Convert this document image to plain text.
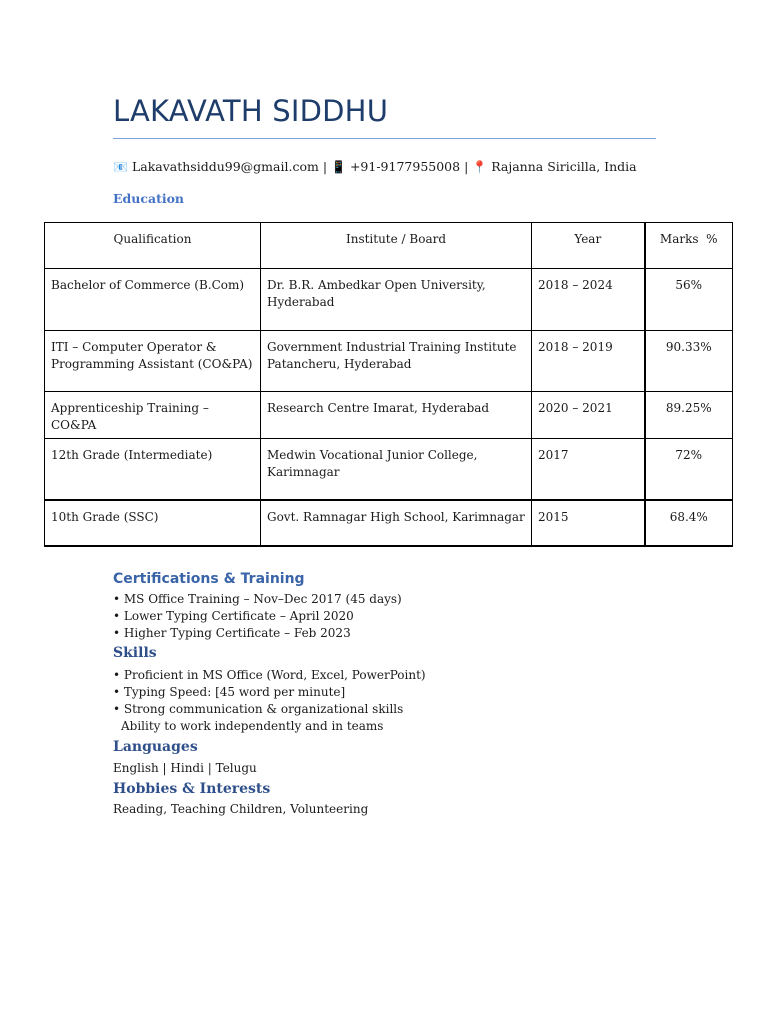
LAKAVATH SIDDHU
📧 Lakavathsiddu99@gmail.com | 📱 +91-9177955008 | 📍 Rajanna Siricilla, India
Education
Qualification	Institute / Board	Year	Marks  %
Bachelor of Commerce (B.Com)	Dr. B.R. Ambedkar Open University, Hyderabad	2018 – 2024	56%
ITI – Computer Operator & Programming Assistant (CO&PA)	Government Industrial Training Institute Patancheru, Hyderabad	2018 – 2019	90.33%
Apprenticeship Training – CO&PA	Research Centre Imarat, Hyderabad	2020 – 2021	89.25%
12th Grade (Intermediate)	Medwin Vocational Junior College, Karimnagar	2017	72%
10th Grade (SSC)	Govt. Ramnagar High School, Karimnagar	2015	68.4%
Certifications & Training
• MS Office Training – Nov–Dec 2017 (45 days)
• Lower Typing Certificate – April 2020
• Higher Typing Certificate – Feb 2023
Skills
• Proficient in MS Office (Word, Excel, PowerPoint)
• Typing Speed: [45 word per minute]
• Strong communication & organizational skills
Ability to work independently and in teams
Languages

English | Hindi | Telugu

Hobbies & Interests

Reading, Teaching Children, Volunteering
